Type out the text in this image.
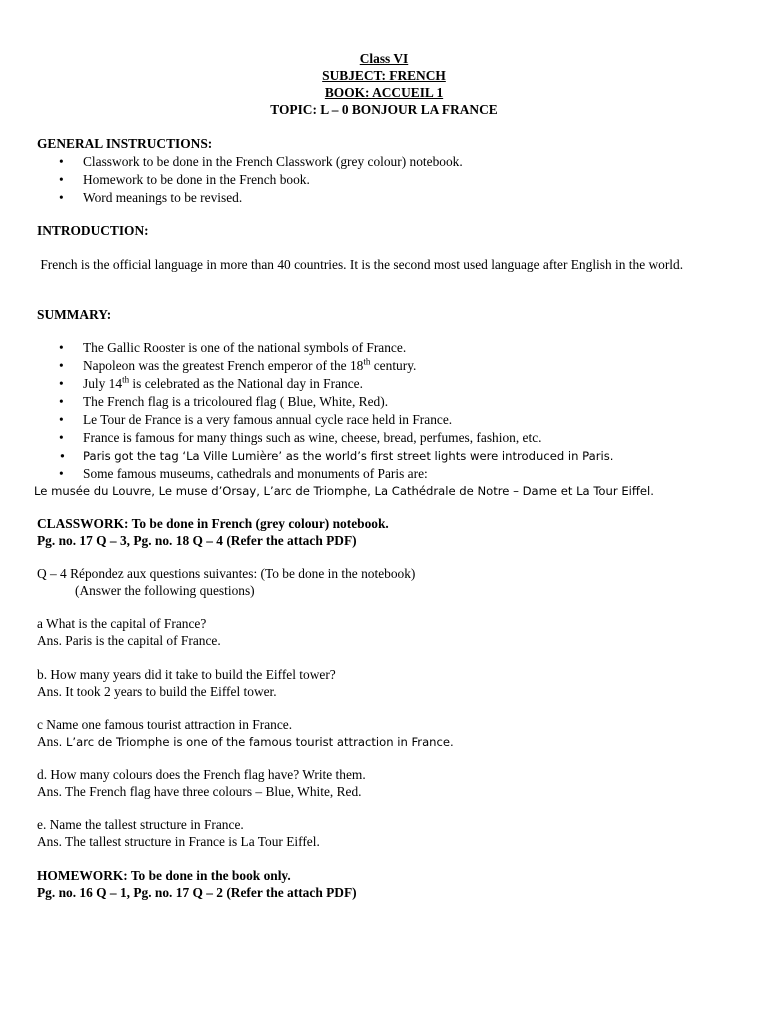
Class VI
SUBJECT: FRENCH
BOOK: ACCUEIL 1
TOPIC: L – 0 BONJOUR LA FRANCE
GENERAL INSTRUCTIONS:
• Classwork to be done in the French Classwork (grey colour) notebook.
• Homework to be done in the French book.
• Word meanings to be revised.
INTRODUCTION:
French is the official language in more than 40 countries. It is the second most used language after English in the world.
SUMMARY:
• The Gallic Rooster is one of the national symbols of France.
• Napoleon was the greatest French emperor of the 18th century.
• July 14th is celebrated as the National day in France.
• The French flag is a tricoloured flag ( Blue, White, Red).
• Le Tour de France is a very famous annual cycle race held in France.
• France is famous for many things such as wine, cheese, bread, perfumes, fashion, etc.
• Paris got the tag ‘La Ville Lumière’ as the world’s first street lights were introduced in Paris.
• Some famous museums, cathedrals and monuments of Paris are:
Le musée du Louvre, Le muse d’Orsay, L’arc de Triomphe, La Cathédrale de Notre – Dame et La Tour Eiffel.
CLASSWORK: To be done in French (grey colour) notebook.
Pg. no. 17 Q – 3, Pg. no. 18 Q – 4 (Refer the attach PDF)
Q – 4 Répondez aux questions suivantes: (To be done in the notebook)
(Answer the following questions)
a What is the capital of France?
Ans. Paris is the capital of France.
b. How many years did it take to build the Eiffel tower?
Ans. It took 2 years to build the Eiffel tower.
c Name one famous tourist attraction in France.
Ans. L’arc de Triomphe is one of the famous tourist attraction in France.
d. How many colours does the French flag have? Write them.
Ans. The French flag have three colours – Blue, White, Red.
e. Name the tallest structure in France.
Ans. The tallest structure in France is La Tour Eiffel.
HOMEWORK: To be done in the book only.
Pg. no. 16 Q – 1, Pg. no. 17 Q – 2 (Refer the attach PDF)
